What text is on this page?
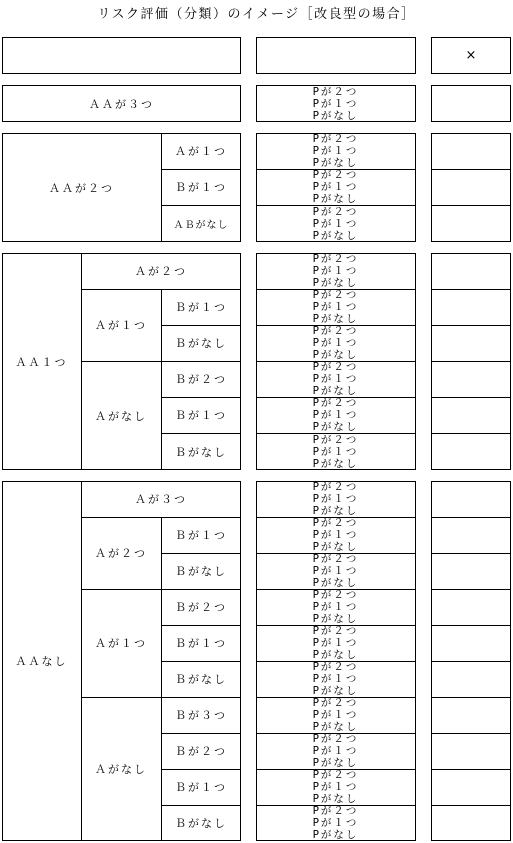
リスク評価（分類）のイメージ［改良型の場合］
×
ＡＡが３つ
ＡＡが２つ
Ａが１つ
Ｂが１つ
ＡＢがなし
ＡＡ１つ
Ａが２つ
Ａが１つ
Ｂが１つ
Ｂがなし
Ａがなし
Ｂが２つ
Ｂが１つ
Ｂがなし
ＡＡなし
Ａが３つ
Ａが２つ
Ｂが１つ
Ｂがなし
Ａが１つ
Ｂが２つ
Ｂが１つ
Ｂがなし
Ａがなし
Ｂが３つ
Ｂが２つ
Ｂが１つ
Ｂがなし
Pが２つ
Pが１つ
Pがなし
Pが２つ
Pが１つ
Pがなし
Pが２つ
Pが１つ
Pがなし
Pが２つ
Pが１つ
Pがなし
Pが２つ
Pが１つ
Pがなし
Pが２つ
Pが１つ
Pがなし
Pが２つ
Pが１つ
Pがなし
Pが２つ
Pが１つ
Pがなし
Pが２つ
Pが１つ
Pがなし
Pが２つ
Pが１つ
Pがなし
Pが２つ
Pが１つ
Pがなし
Pが２つ
Pが１つ
Pがなし
Pが２つ
Pが１つ
Pがなし
Pが２つ
Pが１つ
Pがなし
Pが２つ
Pが１つ
Pがなし
Pが２つ
Pが１つ
Pがなし
Pが２つ
Pが１つ
Pがなし
Pが２つ
Pが１つ
Pがなし
Pが２つ
Pが１つ
Pがなし
Pが２つ
Pが１つ
Pがなし
